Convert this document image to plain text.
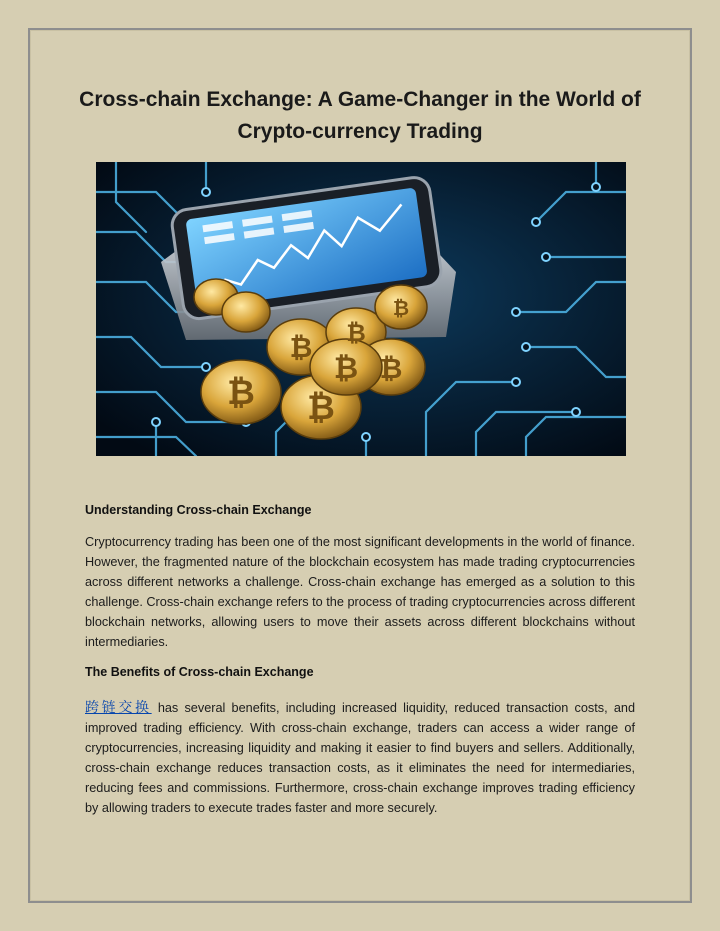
Cross-chain Exchange: A Game-Changer in the World of
Crypto-currency Trading
₿
₿ ₿
₿ ₿
₿
₿
Understanding Cross-chain Exchange

Cryptocurrency trading has been one of the most significant developments in the world of finance. However, the fragmented nature of the blockchain ecosystem has made trading cryptocurrencies across different networks a challenge. Cross-chain exchange has emerged as a solution to this challenge. Cross-chain exchange refers to the process of trading cryptocurrencies across different blockchain networks, allowing users to move their assets across different blockchains without intermediaries.

The Benefits of Cross-chain Exchange

跨链交换 has several benefits, including increased liquidity, reduced transaction costs, and improved trading efficiency. With cross-chain exchange, traders can access a wider range of cryptocurrencies, increasing liquidity and making it easier to find buyers and sellers. Additionally, cross-chain exchange reduces transaction costs, as it eliminates the need for intermediaries, reducing fees and commissions. Furthermore, cross-chain exchange improves trading efficiency by allowing traders to execute trades faster and more securely.
